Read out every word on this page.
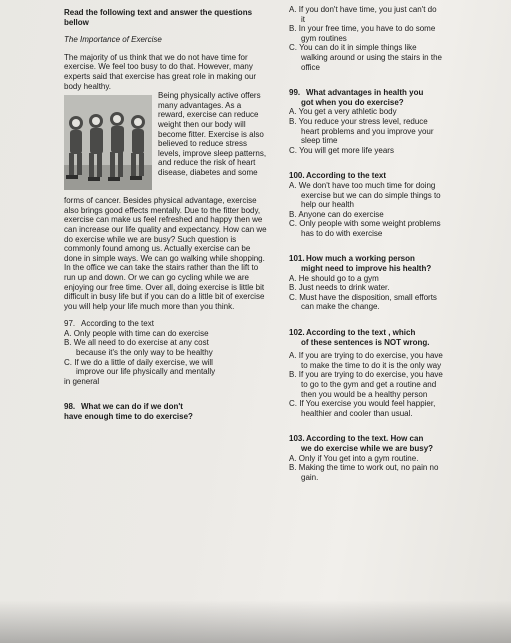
Read the following text and answer the questions bellow

The Importance of Exercise

The majority of us think that we do not have time for exercise. We feel too busy to do that. However, many experts said that exercise has great role in making our body healthy.

Being physically active offers many advantages. As a reward, exercise can reduce weight then our body will become fitter. Exercise is also believed to reduce stress levels, improve sleep patterns, and reduce the risk of heart disease, diabetes and some

forms of cancer. Besides physical advantage, exercise also brings good effects mentally. Due to the fitter body, exercise can make us feel refreshed and happy then we can increase our life quality and expectancy. How can we do exercise while we are busy? Such question is commonly found among us. Actually exercise can be done in simple ways. We can go walking while shopping. In the office we can take the stairs rather than the lift to run up and down. Or we can go cycling while we are enjoying our free time. Over all, doing exercise is little bit difficult in busy life but if you can do a little bit of exercise you will help your life much more than you think.

97. According to the text

A. Only people with time can do exercise

B. We all need to do exercise at any cost

because it's the only way to be healthy

C. If we do a little of daily exercise, we will

improve our life physically and mentally

in general

98. What we can do if we don't

have enough time to do exercise?

A. If you don't have time, you just can't do

it

B. In your free time, you have to do some

gym routines

C. You can do it in simple things like

walking around or using the stairs in the

office

99. What advantages in health you

got when you do exercise?

A. You get a very athletic body

B. You reduce your stress level, reduce

heart problems and you improve your

sleep time

C. You will get more life years

100.According to the text

A. We don't have too much time for doing

exercise but we can do simple things to

help our health

B. Anyone can do exercise

C. Only people with some weight problems

has to do with exercise

101.How much a working person

might need to improve his health?

A. He should go to a gym

B. Just needs to drink water.

C. Must have the disposition, small efforts

can make the change.

102.According to the text , which

of these sentences is NOT wrong.

A. If you are trying to do exercise, you have

to make the time to do it is the only way

B. If you are trying to do exercise, you have

to go to the gym and get a routine and

then you would be a healthy person

C. If You exercise you would feel happier,

healthier and cooler than usual.

103.According to the text. How can

we do exercise while we are busy?

A. Only if You get into a gym routine.

B. Making the time to work out, no pain no

gain.
